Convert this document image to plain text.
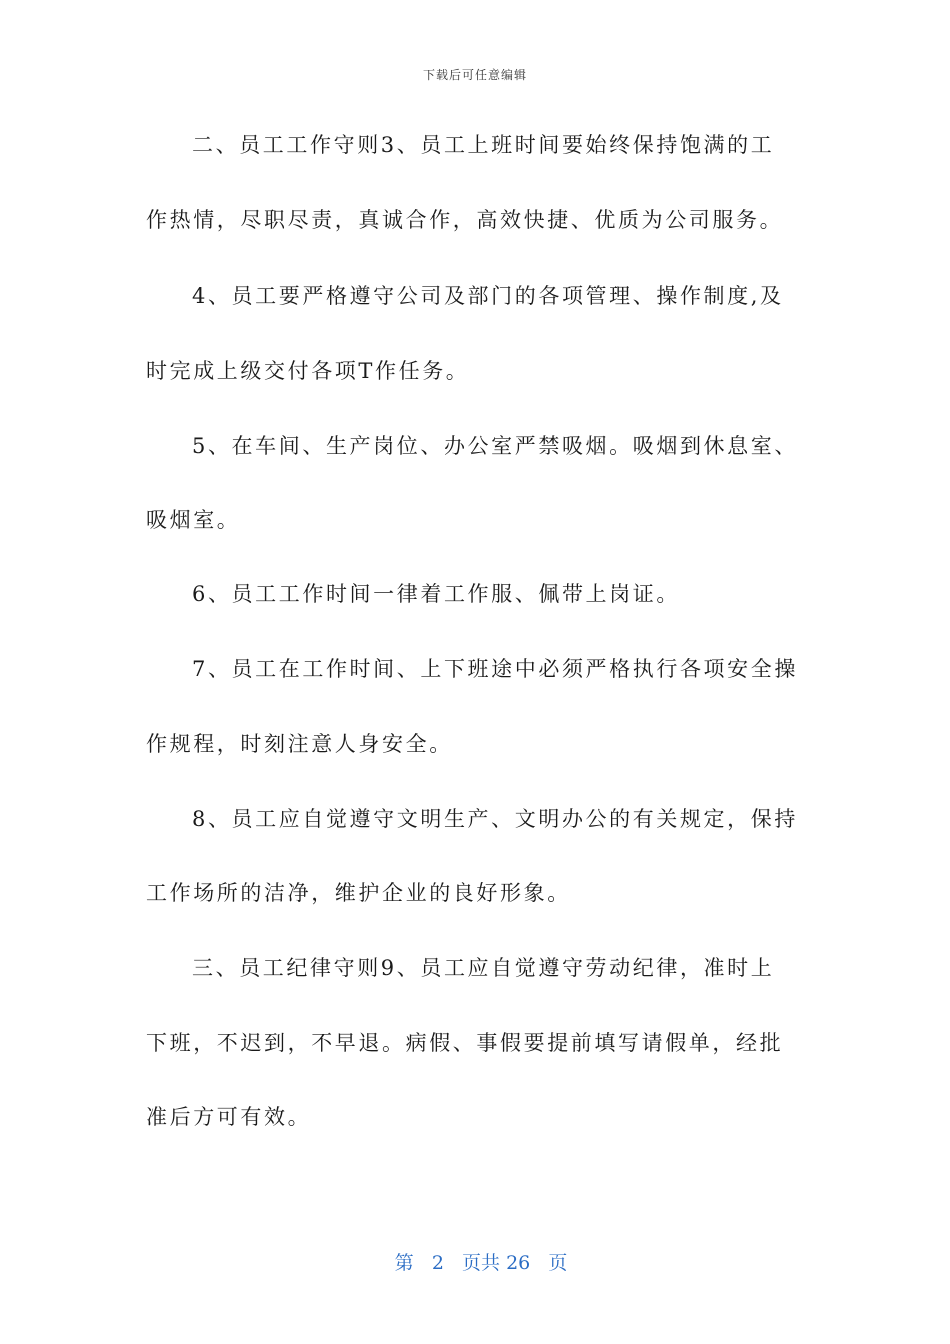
下载后可任意编辑
二、员工工作守则3、员工上班时间要始终保持饱满的工
作热情，尽职尽责，真诚合作，高效快捷、优质为公司服务。
4、员工要严格遵守公司及部门的各项管理、操作制度,及
时完成上级交付各项T作任务。
5、在车间、生产岗位、办公室严禁吸烟。吸烟到休息室、
吸烟室。
6、员工工作时间一律着工作服、佩带上岗证。
7、员工在工作时间、上下班途中必须严格执行各项安全操
作规程，时刻注意人身安全。
8、员工应自觉遵守文明生产、文明办公的有关规定，保持
工作场所的洁净，维护企业的良好形象。
三、员工纪律守则9、员工应自觉遵守劳动纪律，准时上
下班，不迟到，不早退。病假、事假要提前填写请假单，经批
准后方可有效。

第 2 页共 26 页
